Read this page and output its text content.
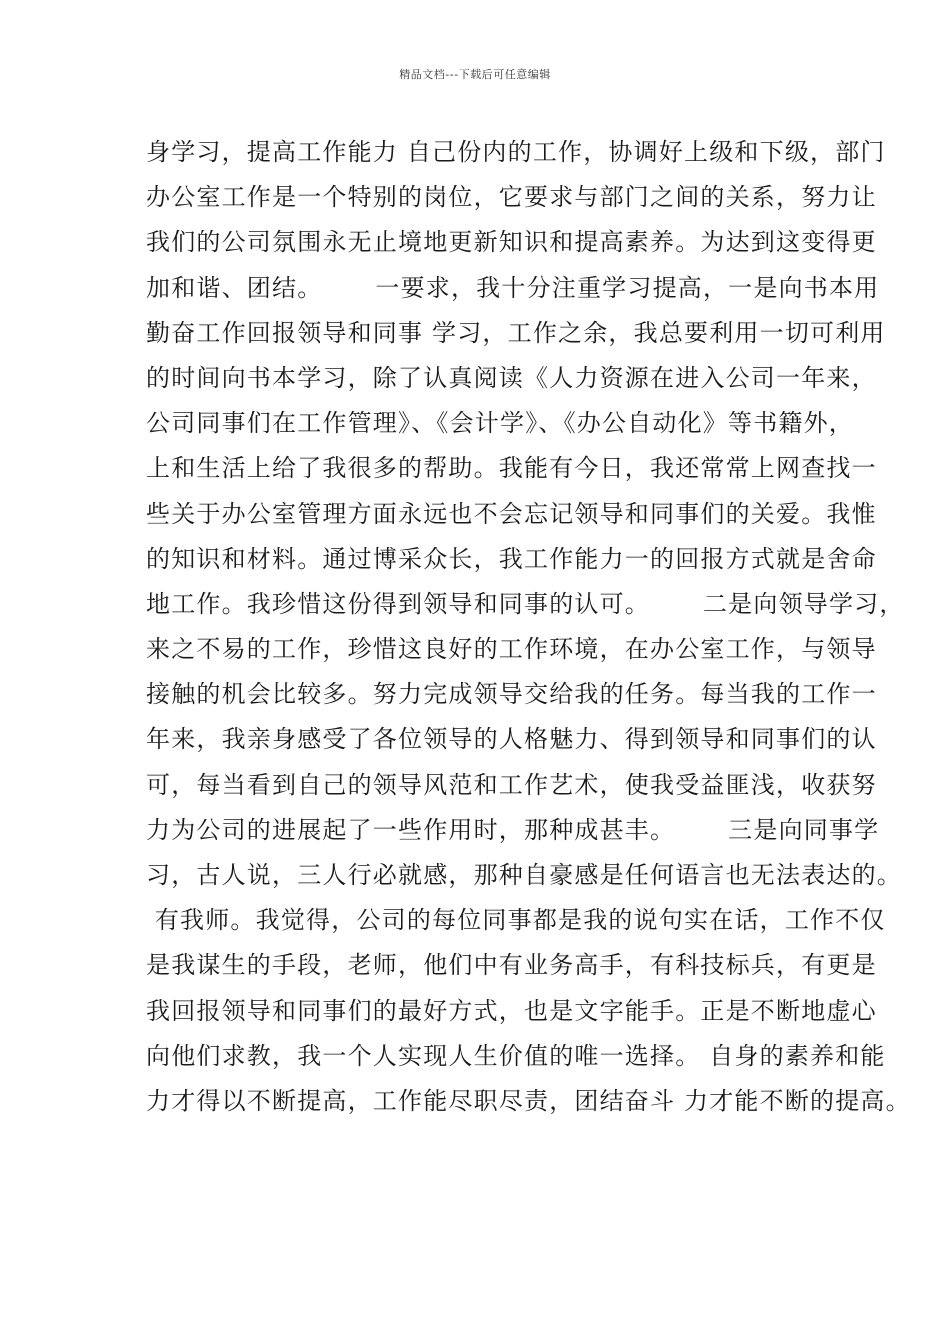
精品文档---下载后可任意编辑
身学习，提高工作能力 自己份内的工作，协调好上级和下级，部门
办公室工作是一个特别的岗位，它要求与部门之间的关系，努力让
我们的公司氛围永无止境地更新知识和提高素养。为达到这变得更
加和谐、团结。      一要求，我十分注重学习提高，一是向书本用
勤奋工作回报领导和同事 学习，工作之余，我总要利用一切可利用
的时间向书本学习，除了认真阅读《人力资源在进入公司一年来，
公司同事们在工作管理》、《会计学》、《办公自动化》等书籍外，
上和生活上给了我很多的帮助。我能有今日，我还常常上网查找一
些关于办公室管理方面永远也不会忘记领导和同事们的关爱。我惟
的知识和材料。通过博采众长，我工作能力一的回报方式就是舍命
地工作。我珍惜这份得到领导和同事的认可。      二是向领导学习，
来之不易的工作，珍惜这良好的工作环境，在办公室工作，与领导
接触的机会比较多。努力完成领导交给我的任务。每当我的工作一
年来，我亲身感受了各位领导的人格魅力、得到领导和同事们的认
可，每当看到自己的领导风范和工作艺术，使我受益匪浅，收获努
力为公司的进展起了一些作用时，那种成甚丰。      三是向同事学
习，古人说，三人行必就感，那种自豪感是任何语言也无法表达的。
有我师。我觉得，公司的每位同事都是我的说句实在话，工作不仅
是我谋生的手段，老师，他们中有业务高手，有科技标兵，有更是
我回报领导和同事们的最好方式，也是文字能手。正是不断地虚心
向他们求教，我一个人实现人生价值的唯一选择。 自身的素养和能
力才得以不断提高，工作能尽职尽责，团结奋斗 力才能不断的提高。
